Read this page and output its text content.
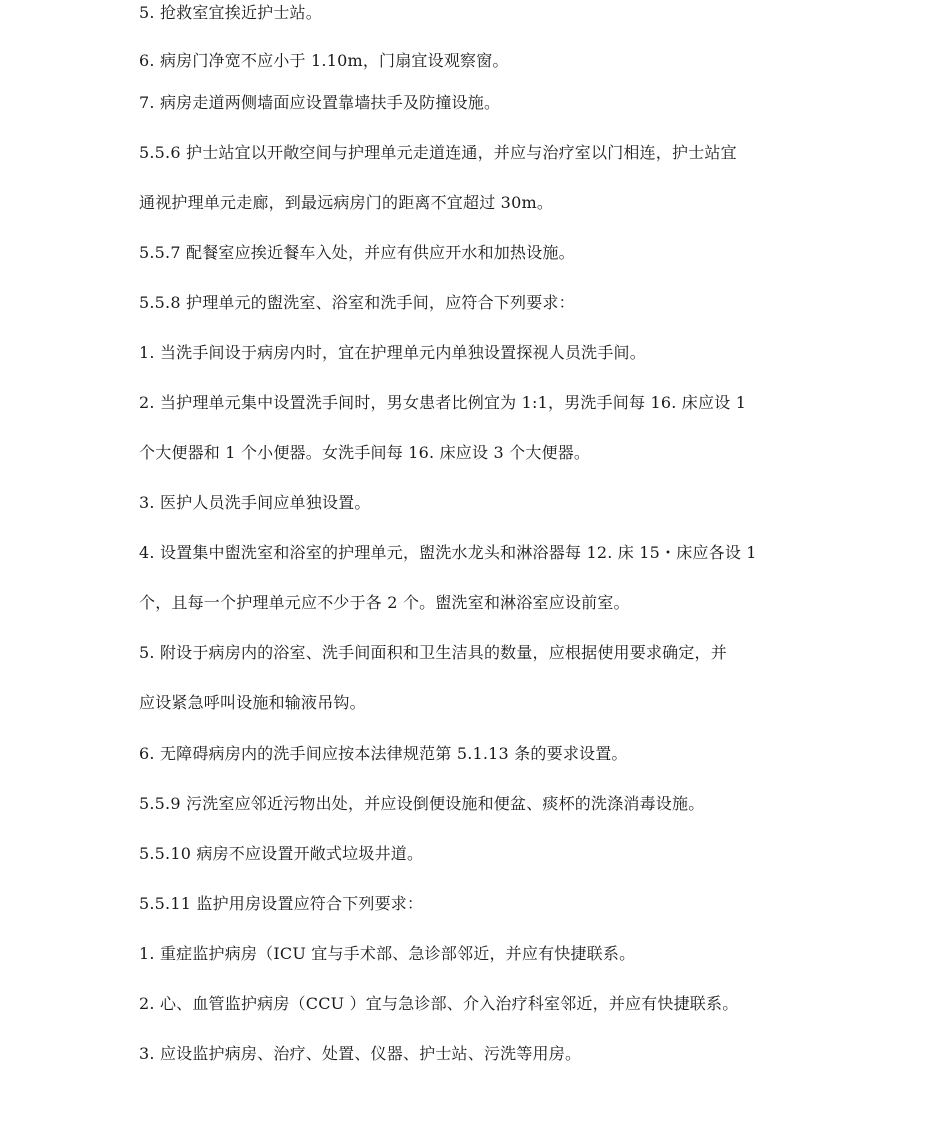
5. 抢救室宜挨近护士站。
6. 病房门净宽不应小于 1.10m，门扇宜设观察窗。
7. 病房走道两侧墙面应设置靠墙扶手及防撞设施。
5.5.6 护士站宜以开敞空间与护理单元走道连通，并应与治疗室以门相连，护士站宜
通视护理单元走廊，到最远病房门的距离不宜超过 30m。
5.5.7 配餐室应挨近餐车入处，并应有供应开水和加热设施。
5.5.8 护理单元的盥洗室、浴室和洗手间，应符合下列要求：
1. 当洗手间设于病房内时，宜在护理单元内单独设置探视人员洗手间。
2. 当护理单元集中设置洗手间时，男女患者比例宜为 1:1，男洗手间每 16. 床应设 1
个大便器和 1 个小便器。女洗手间每 16. 床应设 3 个大便器。
3. 医护人员洗手间应单独设置。
4. 设置集中盥洗室和浴室的护理单元，盥洗水龙头和淋浴器每 12. 床 15・床应各设 1
个，且每一个护理单元应不少于各 2 个。盥洗室和淋浴室应设前室。
5. 附设于病房内的浴室、洗手间面积和卫生洁具的数量，应根据使用要求确定，并
应设紧急呼叫设施和输液吊钩。
6. 无障碍病房内的洗手间应按本法律规范第 5.1.13 条的要求设置。
5.5.9 污洗室应邻近污物出处，并应设倒便设施和便盆、痰杯的洗涤消毒设施。
5.5.10 病房不应设置开敞式垃圾井道。
5.5.11 监护用房设置应符合下列要求：
1. 重症监护病房（ICU 宜与手术部、急诊部邻近，并应有快捷联系。
2. 心、血管监护病房（CCU ）宜与急诊部、介入治疗科室邻近，并应有快捷联系。
3. 应设监护病房、治疗、处置、仪器、护士站、污洗等用房。
